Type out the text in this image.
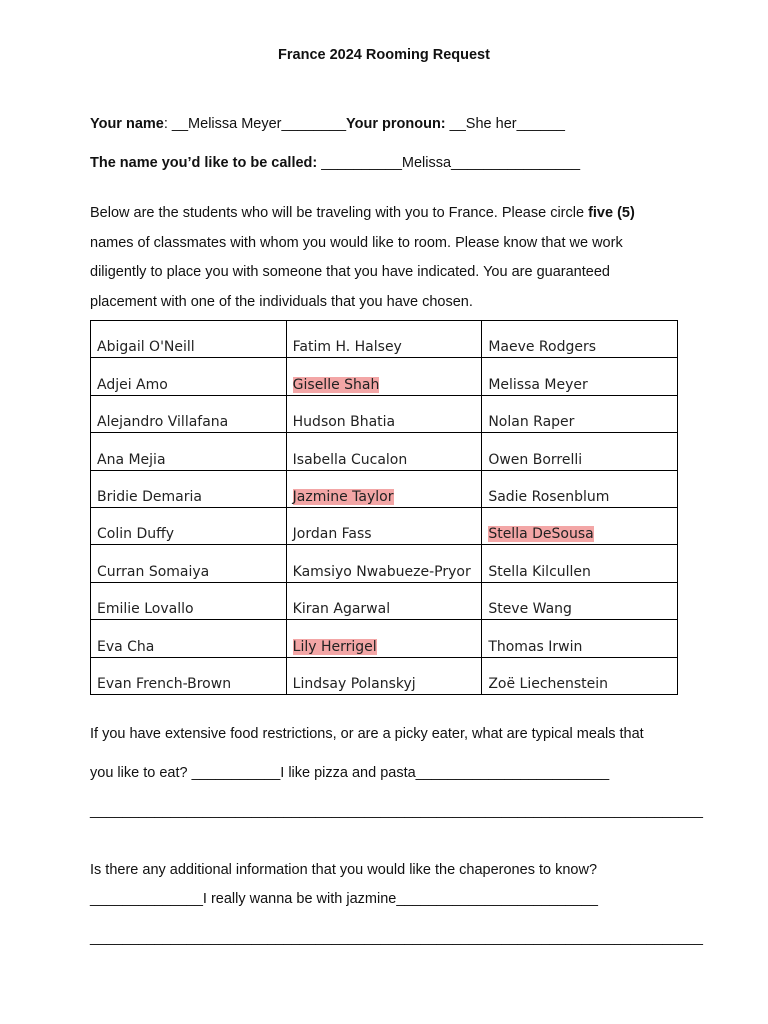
France 2024 Rooming Request
Your name: __Melissa Meyer________Your pronoun: __She her______
The name you’d like to be called: __________Melissa________________
Below are the students who will be traveling with you to France. Please circle five (5)
names of classmates with whom you would like to room. Please know that we work
diligently to place you with someone that you have indicated. You are guaranteed
placement with one of the individuals that you have chosen.
Abigail O'Neill	Fatim H. Halsey	Maeve Rodgers
Adjei Amo	Giselle Shah	Melissa Meyer
Alejandro Villafana	Hudson Bhatia	Nolan Raper
Ana Mejia	Isabella Cucalon	Owen Borrelli
Bridie Demaria	Jazmine Taylor	Sadie Rosenblum
Colin Duffy	Jordan Fass	Stella DeSousa
Curran Somaiya	Kamsiyo Nwabueze-Pryor	Stella Kilcullen
Emilie Lovallo	Kiran Agarwal	Steve Wang
Eva Cha	Lily Herrigel	Thomas Irwin
Evan French-Brown	Lindsay Polanskyj	Zoë Liechenstein
If you have extensive food restrictions, or are a picky eater, what are typical meals that
you like to eat? ___________I like pizza and pasta________________________
____________________________________________________________________________
Is there any additional information that you would like the chaperones to know?
______________I really wanna be with jazmine_________________________
____________________________________________________________________________
